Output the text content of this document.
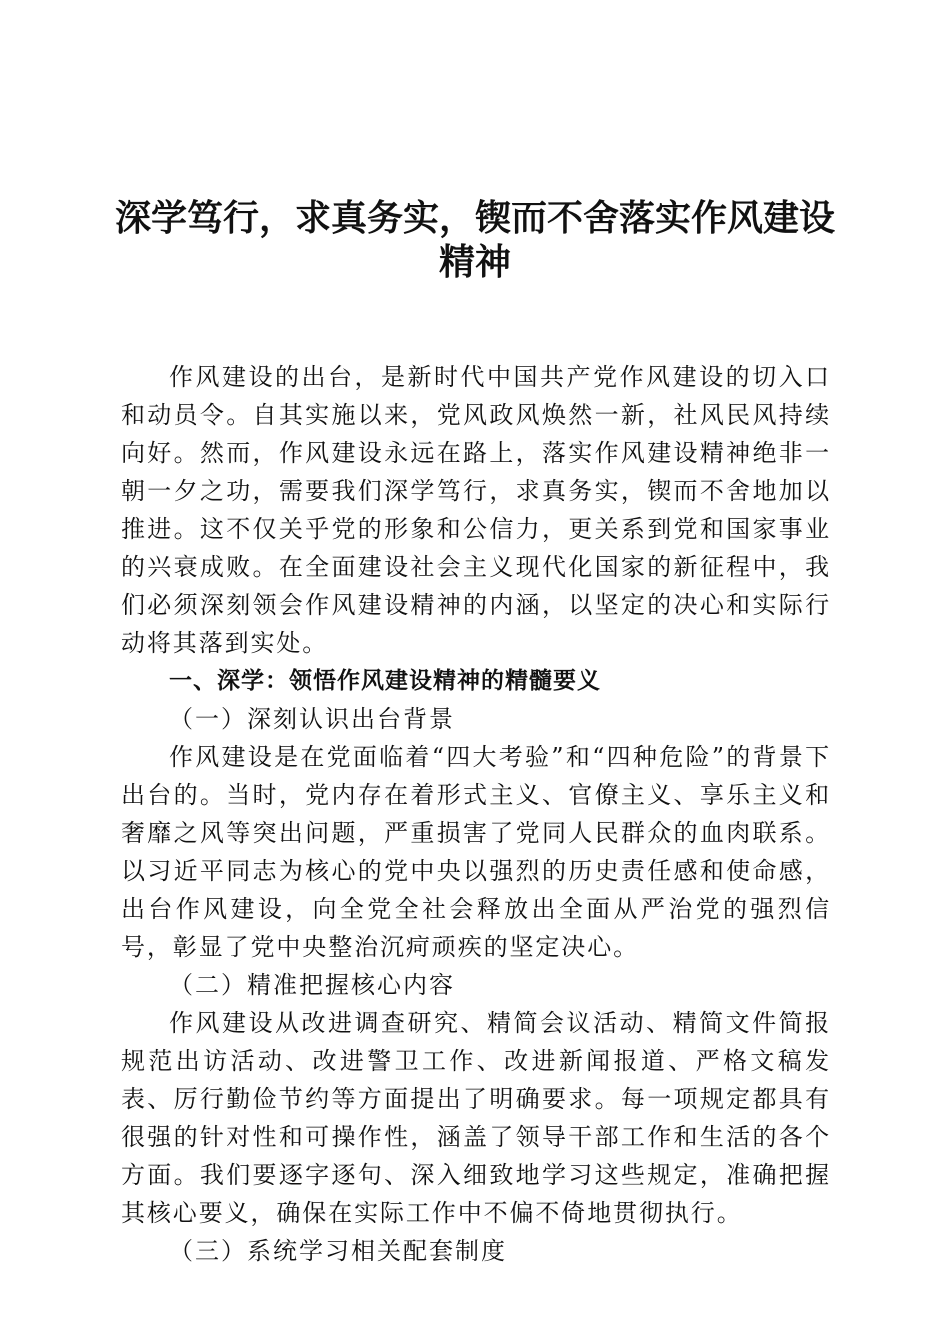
深学笃行，求真务实，锲而不舍落实作风建设
精神

作风建设的出台，是新时代中国共产党作风建设的切入口和动员令。自其实施以来，党风政风焕然一新，社风民风持续向好。然而，作风建设永远在路上，落实作风建设精神绝非一朝一夕之功，需要我们深学笃行，求真务实，锲而不舍地加以推进。这不仅关乎党的形象和公信力，更关系到党和国家事业的兴衰成败。在全面建设社会主义现代化国家的新征程中，我们必须深刻领会作风建设精神的内涵，以坚定的决心和实际行动将其落到实处。

一、深学：领悟作风建设精神的精髓要义

（一）深刻认识出台背景

作风建设是在党面临着“四大考验”和“四种危险”的背景下出台的。当时，党内存在着形式主义、官僚主义、享乐主义和奢靡之风等突出问题，严重损害了党同人民群众的血肉联系。以习近平同志为核心的党中央以强烈的历史责任感和使命感，出台作风建设，向全党全社会释放出全面从严治党的强烈信号，彰显了党中央整治沉疴顽疾的坚定决心。

（二）精准把握核心内容

作风建设从改进调查研究、精简会议活动、精简文件简报规范出访活动、改进警卫工作、改进新闻报道、严格文稿发表、厉行勤俭节约等方面提出了明确要求。每一项规定都具有很强的针对性和可操作性，涵盖了领导干部工作和生活的各个方面。我们要逐字逐句、深入细致地学习这些规定，准确把握其核心要义，确保在实际工作中不偏不倚地贯彻执行。

（三）系统学习相关配套制度
